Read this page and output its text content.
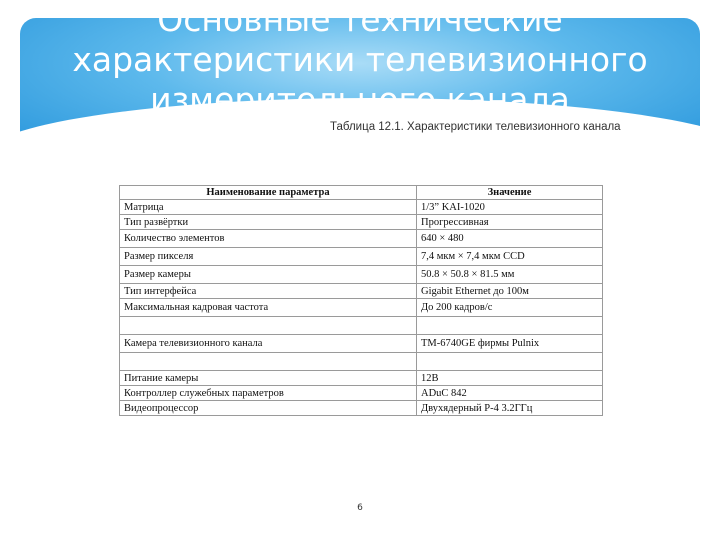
Основные технические
характеристики телевизионного
измерительного канала

Таблица 12.1. Характеристики телевизионного канала

Наименование параметра	Значение
Матрица	1/3” KAI-1020
Тип развёртки	Прогрессивная
Количество элементов	640 × 480
Размер пикселя	7,4 мкм × 7,4 мкм CCD
Размер камеры	50.8 × 50.8 × 81.5 мм
Тип интерфейса	Gigabit Ethernet до 100м
Максимальная кадровая частота	До 200 кадров/с

Камера телевизионного канала	TM-6740GE фирмы Pulnix

Питание камеры	12В
Контроллер служебных параметров	ADuC 842
Видеопроцессор	Двухядерный P-4 3.2ГГц
6
